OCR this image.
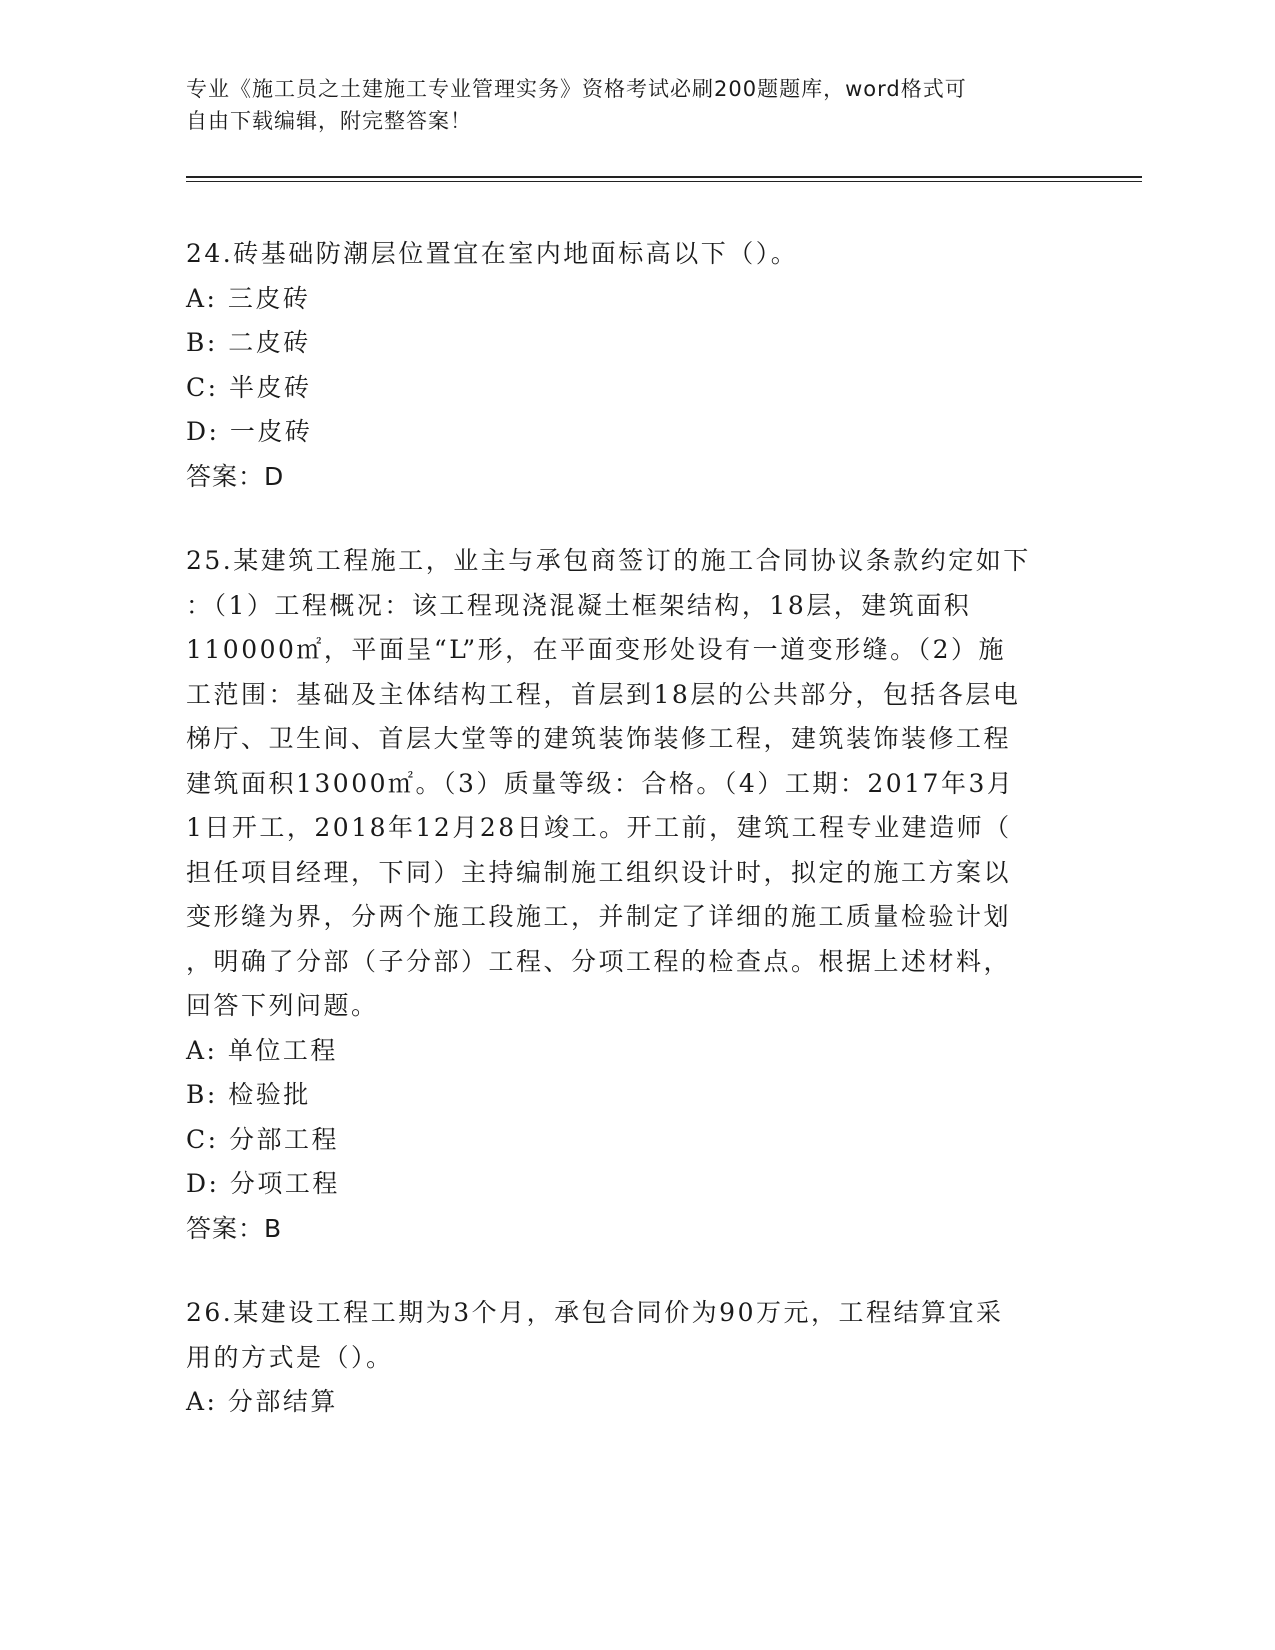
专业《施工员之土建施工专业管理实务》资格考试必刷200题题库，word格式可
自由下载编辑，附完整答案！

24.砖基础防潮层位置宜在室内地面标高以下（）。

A: 三皮砖

B: 二皮砖

C: 半皮砖

D: 一皮砖

答案：D

25.某建筑工程施工，业主与承包商签订的施工合同协议条款约定如下

：（1）工程概况：该工程现浇混凝土框架结构，18层，建筑面积

110000㎡，平面呈“L”形，在平面变形处设有一道变形缝。（2）施

工范围：基础及主体结构工程，首层到18层的公共部分，包括各层电

梯厅、卫生间、首层大堂等的建筑装饰装修工程，建筑装饰装修工程

建筑面积13000㎡。（3）质量等级：合格。（4）工期：2017年3月

1日开工，2018年12月28日竣工。开工前，建筑工程专业建造师（

担任项目经理，下同）主持编制施工组织设计时，拟定的施工方案以

变形缝为界，分两个施工段施工，并制定了详细的施工质量检验计划

，明确了分部（子分部）工程、分项工程的检查点。根据上述材料，

回答下列问题。

A: 单位工程

B: 检验批

C: 分部工程

D: 分项工程

答案：B

26.某建设工程工期为3个月，承包合同价为90万元，工程结算宜采

用的方式是（）。

A: 分部结算
